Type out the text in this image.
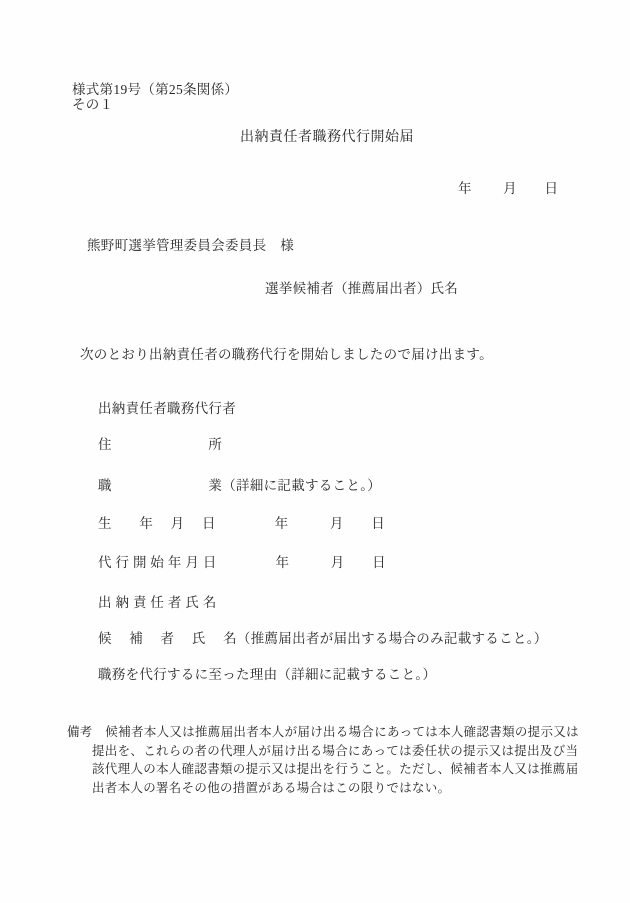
様式第19号（第25条関係）
その１
出納責任者職務代行開始届
年　　 月　　日
熊野町選挙管理委員会委員長　様
選挙候補者（推薦届出者）氏名
次のとおり出納責任者の職務代行を開始しましたので届け出ます。
出納責任者職務代行者
住　　　　　　　所
職　　　　　　　業（詳細に記載すること。）
生　　年　 月　 日　　　　 年　　　月　　日
代 行 開 始 年 月 日　　　　 年　　　月　　日
出 納 責 任 者 氏 名
候　 補　 者　 氏　 名（推薦届出者が届出する場合のみ記載すること。）
職務を代行するに至った理由（詳細に記載すること。）
備考　候補者本人又は推薦届出者本人が届け出る場合にあっては本人確認書類の提示又は
提出を、これらの者の代理人が届け出る場合にあっては委任状の提示又は提出及び当
該代理人の本人確認書類の提示又は提出を行うこと。ただし、候補者本人又は推薦届
出者本人の署名その他の措置がある場合はこの限りではない。
